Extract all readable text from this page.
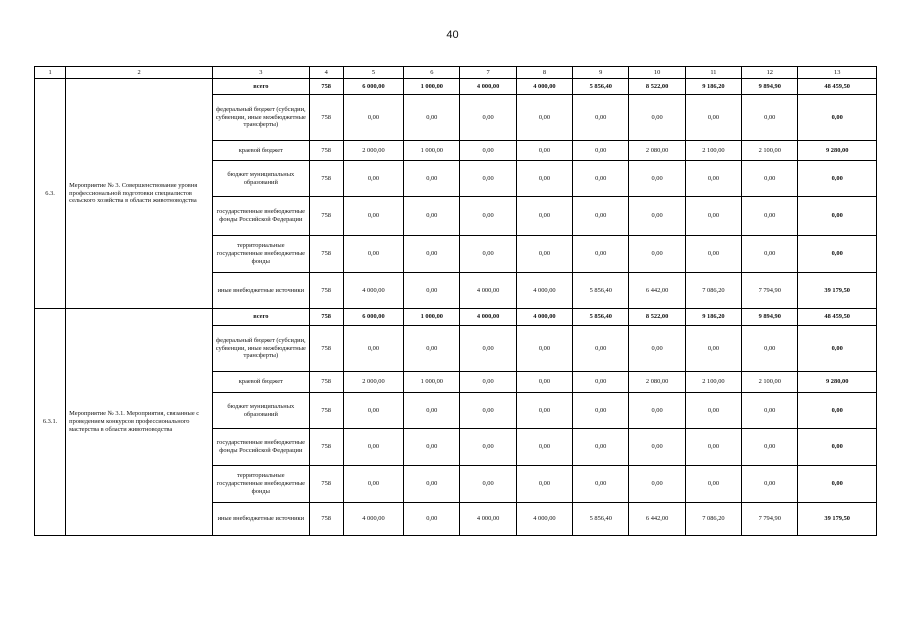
40
1	2	3	4	5	6	7	8	9	10	11	12	13
6.3.	Мероприятие № 3. Совершенствование уровня профессиональной подготовки специалистов сельского хозяйства в области животноводства	всего	758	6 000,00	1 000,00	4 000,00	4 000,00	5 856,40	8 522,00	9 186,20	9 894,90	48 459,50
		федеральный бюджет (субсидии, субвенции, иные межбюджетные трансферты)	758	0,00	0,00	0,00	0,00	0,00	0,00	0,00	0,00	0,00
		краевой бюджет	758	2 000,00	1 000,00	0,00	0,00	0,00	2 080,00	2 100,00	2 100,00	9 280,00
		бюджет муниципальных образований	758	0,00	0,00	0,00	0,00	0,00	0,00	0,00	0,00	0,00
		государственные внебюджетные фонды Российской Федерации	758	0,00	0,00	0,00	0,00	0,00	0,00	0,00	0,00	0,00
		территориальные государственные внебюджетные фонды	758	0,00	0,00	0,00	0,00	0,00	0,00	0,00	0,00	0,00
		иные внебюджетные источники	758	4 000,00	0,00	4 000,00	4 000,00	5 856,40	6 442,00	7 086,20	7 794,90	39 179,50
6.3.1.	Мероприятие № 3.1. Мероприятия, связанные с проведением конкурсов профессионального мастерства в области животноводства	всего	758	6 000,00	1 000,00	4 000,00	4 000,00	5 856,40	8 522,00	9 186,20	9 894,90	48 459,50
		федеральный бюджет (субсидии, субвенции, иные межбюджетные трансферты)	758	0,00	0,00	0,00	0,00	0,00	0,00	0,00	0,00	0,00
		краевой бюджет	758	2 000,00	1 000,00	0,00	0,00	0,00	2 080,00	2 100,00	2 100,00	9 280,00
		бюджет муниципальных образований	758	0,00	0,00	0,00	0,00	0,00	0,00	0,00	0,00	0,00
		государственные внебюджетные фонды Российской Федерации	758	0,00	0,00	0,00	0,00	0,00	0,00	0,00	0,00	0,00
		территориальные государственные внебюджетные фонды	758	0,00	0,00	0,00	0,00	0,00	0,00	0,00	0,00	0,00
		иные внебюджетные источники	758	4 000,00	0,00	4 000,00	4 000,00	5 856,40	6 442,00	7 086,20	7 794,90	39 179,50
